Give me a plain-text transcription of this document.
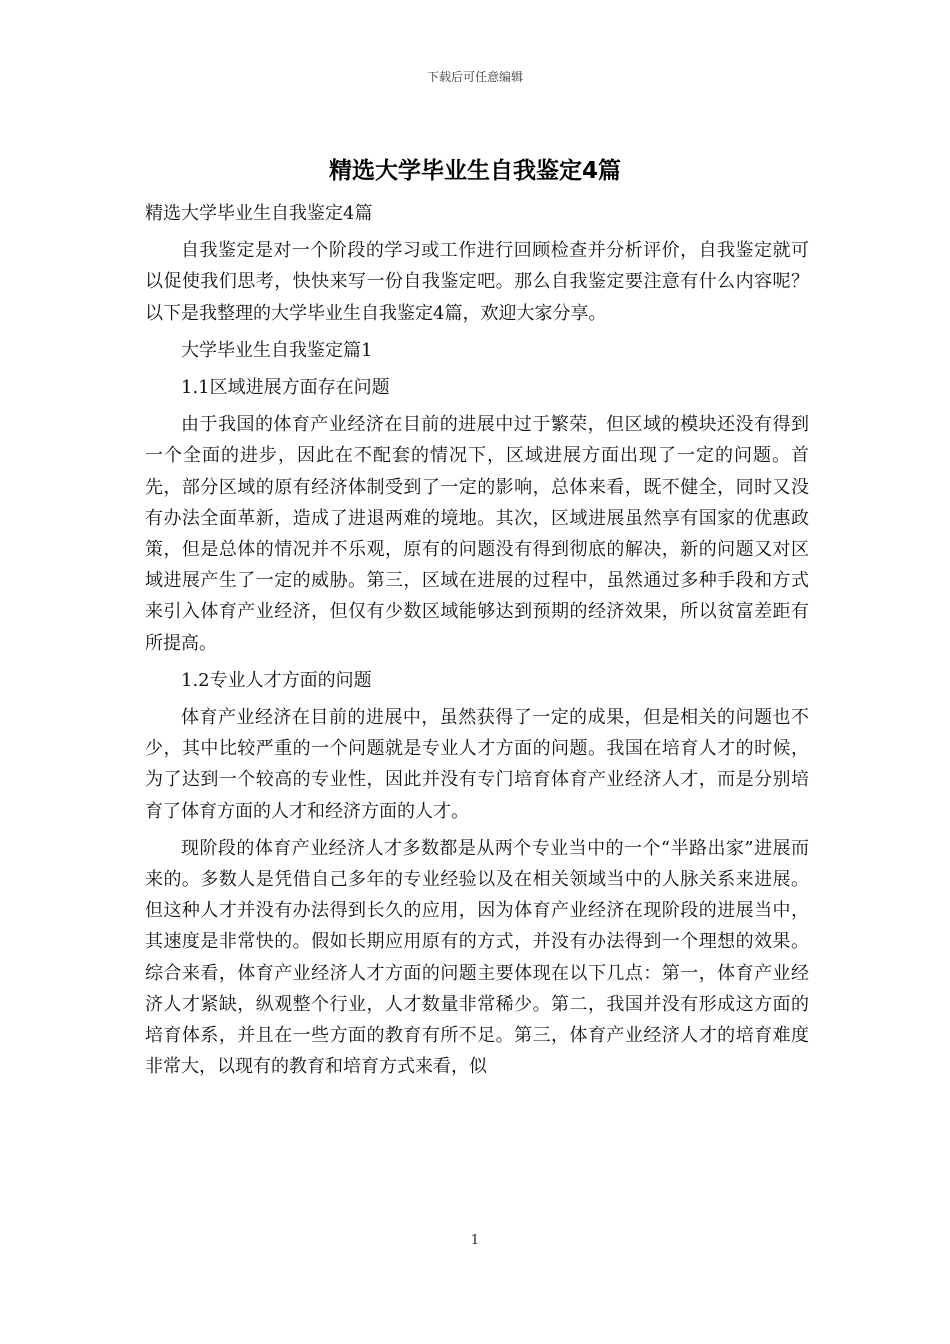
下载后可任意编辑
精选大学毕业生自我鉴定4篇

精选大学毕业生自我鉴定4篇

自我鉴定是对一个阶段的学习或工作进行回顾检查并分析评价，自我鉴定就可以促使我们思考，快快来写一份自我鉴定吧。那么自我鉴定要注意有什么内容呢？以下是我整理的大学毕业生自我鉴定4篇，欢迎大家分享。

大学毕业生自我鉴定篇1

1.1区域进展方面存在问题

由于我国的体育产业经济在目前的进展中过于繁荣，但区域的模块还没有得到一个全面的进步，因此在不配套的情况下，区域进展方面出现了一定的问题。首先，部分区域的原有经济体制受到了一定的影响，总体来看，既不健全，同时又没有办法全面革新，造成了进退两难的境地。其次，区域进展虽然享有国家的优惠政策，但是总体的情况并不乐观，原有的问题没有得到彻底的解决，新的问题又对区域进展产生了一定的威胁。第三，区域在进展的过程中，虽然通过多种手段和方式来引入体育产业经济，但仅有少数区域能够达到预期的经济效果，所以贫富差距有所提高。

1.2专业人才方面的问题

体育产业经济在目前的进展中，虽然获得了一定的成果，但是相关的问题也不少，其中比较严重的一个问题就是专业人才方面的问题。我国在培育人才的时候，为了达到一个较高的专业性，因此并没有专门培育体育产业经济人才，而是分别培育了体育方面的人才和经济方面的人才。

现阶段的体育产业经济人才多数都是从两个专业当中的一个“半路出家”进展而来的。多数人是凭借自己多年的专业经验以及在相关领域当中的人脉关系来进展。但这种人才并没有办法得到长久的应用，因为体育产业经济在现阶段的进展当中，其速度是非常快的。假如长期应用原有的方式，并没有办法得到一个理想的效果。综合来看，体育产业经济人才方面的问题主要体现在以下几点：第一，体育产业经济人才紧缺，纵观整个行业，人才数量非常稀少。第二，我国并没有形成这方面的培育体系，并且在一些方面的教育有所不足。第三，体育产业经济人才的培育难度非常大，以现有的教育和培育方式来看，似

1
